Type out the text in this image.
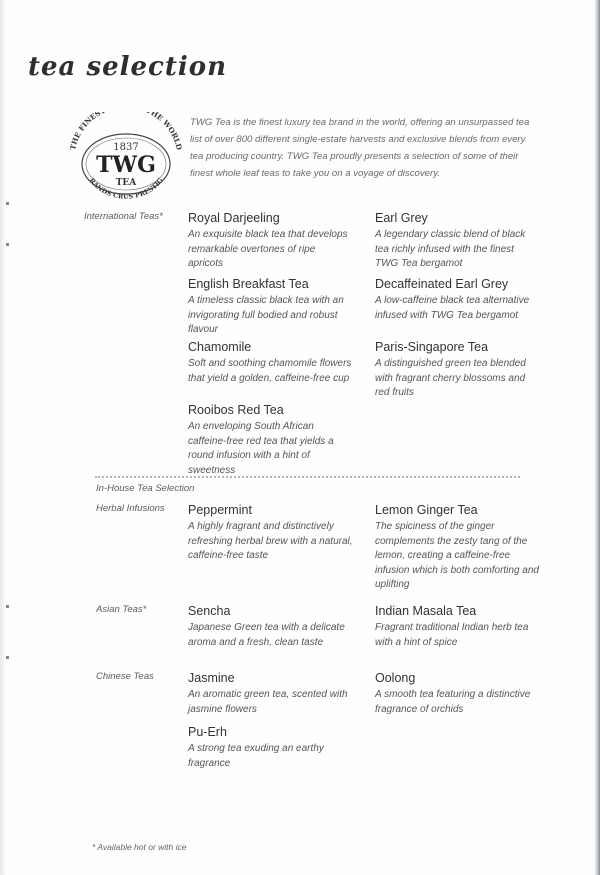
tea selection
THE FINES HE WORLD
1837
TWG
TEA
RANDS CRUS PRESTIG
TWG Tea is the finest luxury tea brand in the world, offering an unsurpassed tea list of over 800 different single-estate harvests and exclusive blends from every tea producing country. TWG Tea proudly presents a selection of some of their finest whole leaf teas to take you on a voyage of discovery.
International Teas* Royal Darjeeling
An exquisite black tea that develops remarkable overtones of ripe apricots
Earl Grey
A legendary classic blend of black tea richly infused with the finest TWG Tea bergamot
English Breakfast Tea
A timeless classic black tea with an invigorating full bodied and robust flavour
Decaffeinated Earl Grey
A low-caffeine black tea alternative infused with TWG Tea bergamot
Chamomile
Soft and soothing chamomile flowers that yield a golden, caffeine-free cup
Paris-Singapore Tea
A distinguished green tea blended with fragrant cherry blossoms and red fruits
Rooibos Red Tea
An enveloping South African caffeine-free red tea that yields a round infusion with a hint of sweetness
In-House Tea Selection
Herbal Infusions Peppermint
A highly fragrant and distinctively refreshing herbal brew with a natural, caffeine-free taste
Lemon Ginger Tea
The spiciness of the ginger complements the zesty tang of the lemon, creating a caffeine-free infusion which is both comforting and uplifting
Asian Teas*	Sencha
Japanese Green tea with a delicate aroma and a fresh, clean taste
Indian Masala Tea
Fragrant traditional Indian herb tea with a hint of spice
Chinese Teas	Jasmine
An aromatic green tea, scented with jasmine flowers
Oolong
A smooth tea featuring a distinctive fragrance of orchids
Pu-Erh
A strong tea exuding an earthy fragrance
* Available hot or with ice
